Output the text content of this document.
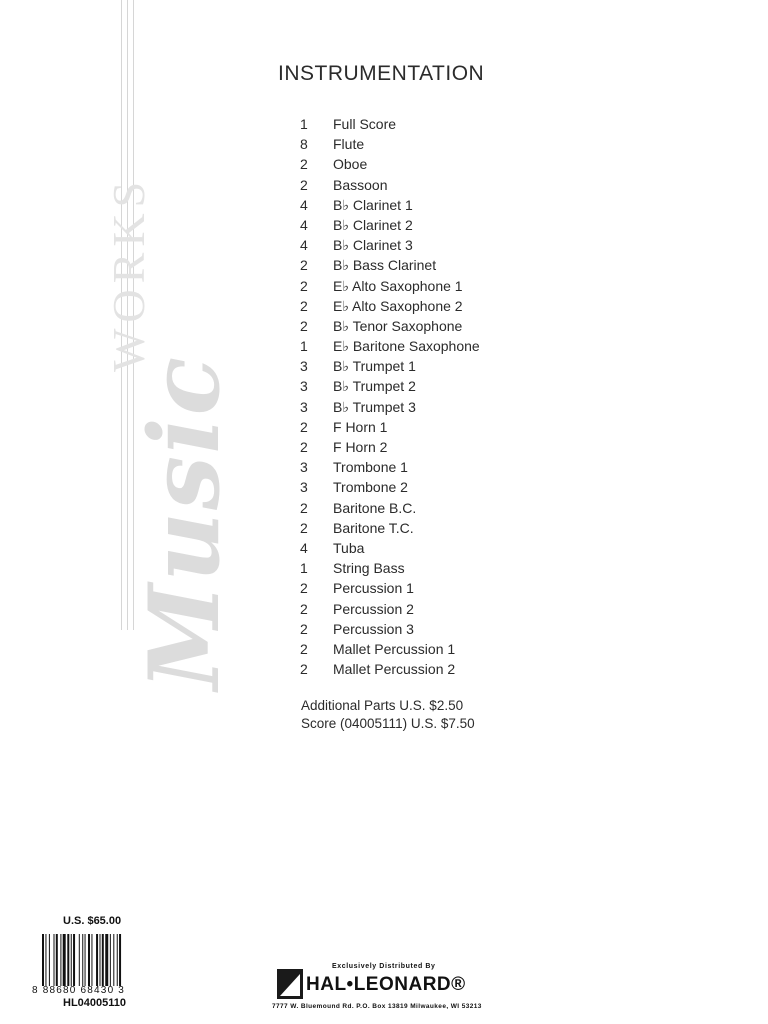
WORKS
Music
INSTRUMENTATION
1	Full Score
8	Flute
2	Oboe
2	Bassoon
4	B♭ Clarinet 1
4	B♭ Clarinet 2
4	B♭ Clarinet 3
2	B♭ Bass Clarinet
2	E♭ Alto Saxophone 1
2	E♭ Alto Saxophone 2
2	B♭ Tenor Saxophone
1	E♭ Baritone Saxophone
3	B♭ Trumpet 1
3	B♭ Trumpet 2
3	B♭ Trumpet 3
2	F Horn 1
2	F Horn 2
3	Trombone 1
3	Trombone 2
2	Baritone B.C.
2	Baritone T.C.
4	Tuba
1	String Bass
2	Percussion 1
2	Percussion 2
2	Percussion 3
2	Mallet Percussion 1
2	Mallet Percussion 2
Additional Parts U.S. $2.50
Score (04005111) U.S. $7.50
U.S. $65.00
8 88680 68430 3
HL04005110
Exclusively Distributed By
HAL•LEONARD®
7777 W. Bluemound Rd. P.O. Box 13819 Milwaukee, WI 53213
